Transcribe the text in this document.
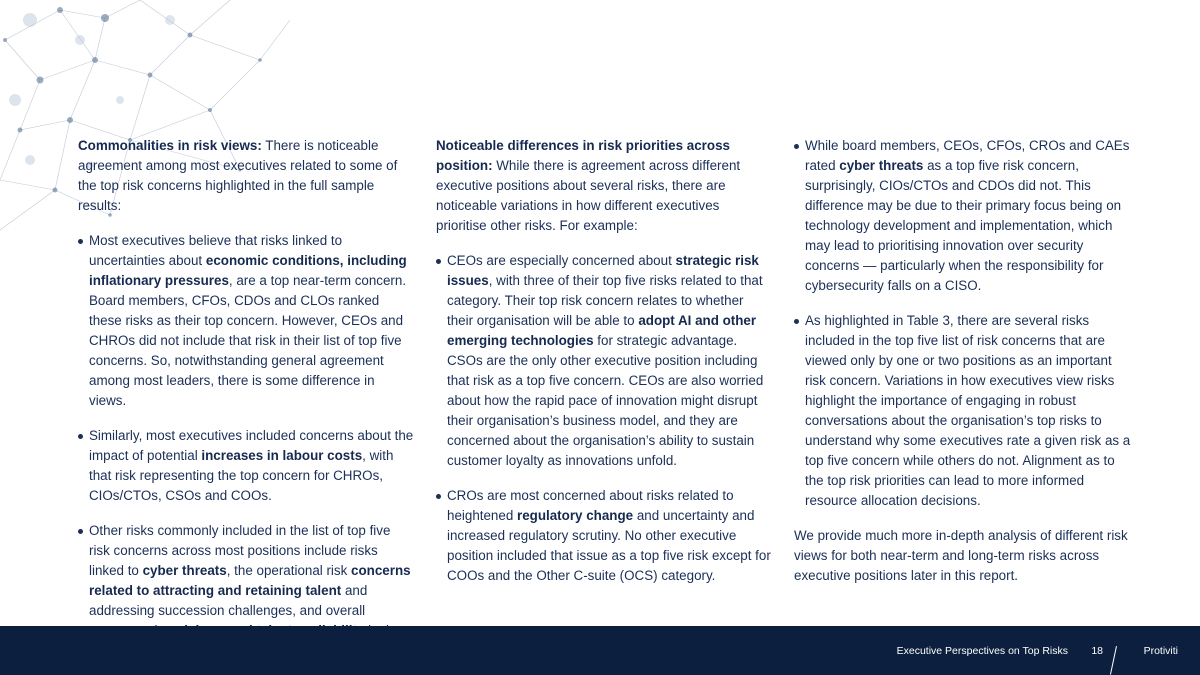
Commonalities in risk views: There is noticeable agreement among most executives related to some of the top risk concerns highlighted in the full sample results:

Most executives believe that risks linked to uncertainties about economic conditions, including inflationary pressures, are a top near-term concern. Board members, CFOs, CDOs and CLOs ranked these risks as their top concern. However, CEOs and CHROs did not include that risk in their list of top five concerns. So, notwithstanding general agreement among most leaders, there is some difference in views.

Similarly, most executives included concerns about the impact of potential increases in labour costs, with that risk representing the top concern for CHROs, CIOs/CTOs, CSOs and COOs.

Other risks commonly included in the list of top five risk concerns across most positions include risks linked to cyber threats, the operational risk concerns related to attracting and retaining talent and addressing succession challenges, and overall

Noticeable differences in risk priorities across position: While there is agreement across different executive positions about several risks, there are noticeable variations in how different executives prioritise other risks. For example:

CEOs are especially concerned about strategic risk issues, with three of their top five risks related to that category. Their top risk concern relates to whether their organisation will be able to adopt AI and other emerging technologies for strategic advantage. CSOs are the only other executive position including that risk as a top five concern. CEOs are also worried about how the rapid pace of innovation might disrupt their organisation’s business model, and they are concerned about the organisation’s ability to sustain customer loyalty as innovations unfold.

CROs are most concerned about risks related to heightened regulatory change and uncertainty and increased regulatory scrutiny. No other executive position included that issue as a top five risk except for COOs and the Other C-suite (OCS) category.

While board members, CEOs, CFOs, CROs and CAEs rated cyber threats as a top five risk concern, surprisingly, CIOs/CTOs and CDOs did not. This difference may be due to their primary focus being on technology development and implementation, which may lead to prioritising innovation over security concerns — particularly when the responsibility for cybersecurity falls on a CISO.

As highlighted in Table 3, there are several risks included in the top five list of risk concerns that are viewed only by one or two positions as an important risk concern. Variations in how executives view risks highlight the importance of engaging in robust conversations about the organisation’s top risks to understand why some executives rate a given risk as a top five concern while others do not. Alignment as to the top risk priorities can lead to more informed resource allocation decisions.

We provide much more in-depth analysis of different risk views for both near-term and long-term risks across executive positions later in this report.

Executive Perspectives on Top Risks 18	Protiviti
